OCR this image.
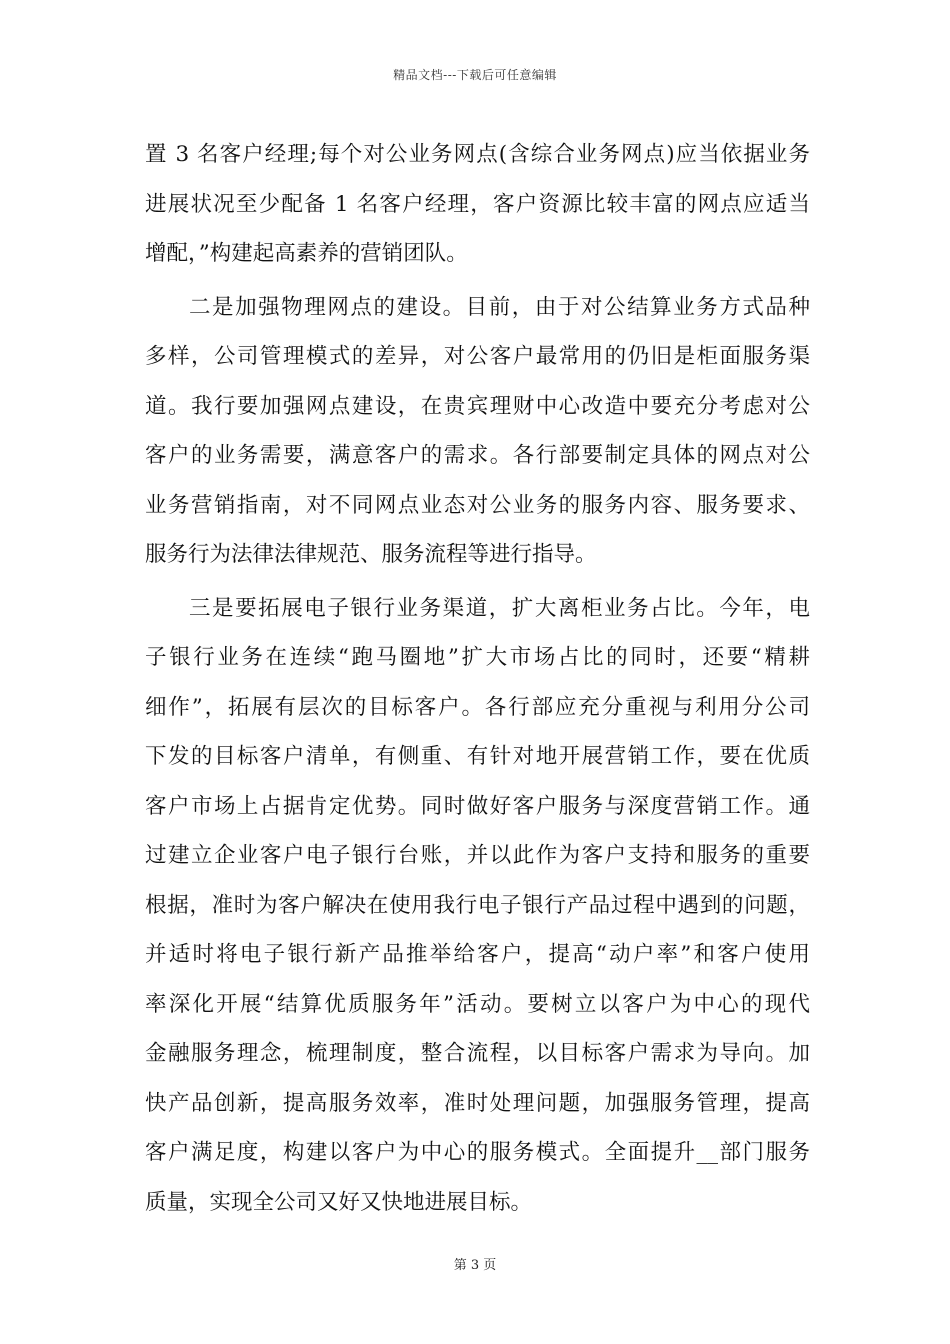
精品文档---下载后可任意编辑
置 3 名客户经理;每个对公业务网点(含综合业务网点)应当依据业务
进展状况至少配备 1 名客户经理，客户资源比较丰富的网点应适当
增配，”构建起高素养的营销团队。
二是加强物理网点的建设。目前，由于对公结算业务方式品种
多样，公司管理模式的差异，对公客户最常用的仍旧是柜面服务渠
道。我行要加强网点建设，在贵宾理财中心改造中要充分考虑对公
客户的业务需要，满意客户的需求。各行部要制定具体的网点对公
业务营销指南，对不同网点业态对公业务的服务内容、服务要求、
服务行为法律法律规范、服务流程等进行指导。
三是要拓展电子银行业务渠道，扩大离柜业务占比。今年，电
子银行业务在连续“跑马圈地”扩大市场占比的同时，还要“精耕
细作”，拓展有层次的目标客户。各行部应充分重视与利用分公司
下发的目标客户清单，有侧重、有针对地开展营销工作，要在优质
客户市场上占据肯定优势。同时做好客户服务与深度营销工作。通
过建立企业客户电子银行台账，并以此作为客户支持和服务的重要
根据，准时为客户解决在使用我行电子银行产品过程中遇到的问题，
并适时将电子银行新产品推举给客户，提高“动户率”和客户使用
率深化开展“结算优质服务年”活动。要树立以客户为中心的现代
金融服务理念，梳理制度，整合流程，以目标客户需求为导向。加
快产品创新，提高服务效率，准时处理问题，加强服务管理，提高
客户满足度，构建以客户为中心的服务模式。全面提升__部门服务
质量，实现全公司又好又快地进展目标。
第 3 页
